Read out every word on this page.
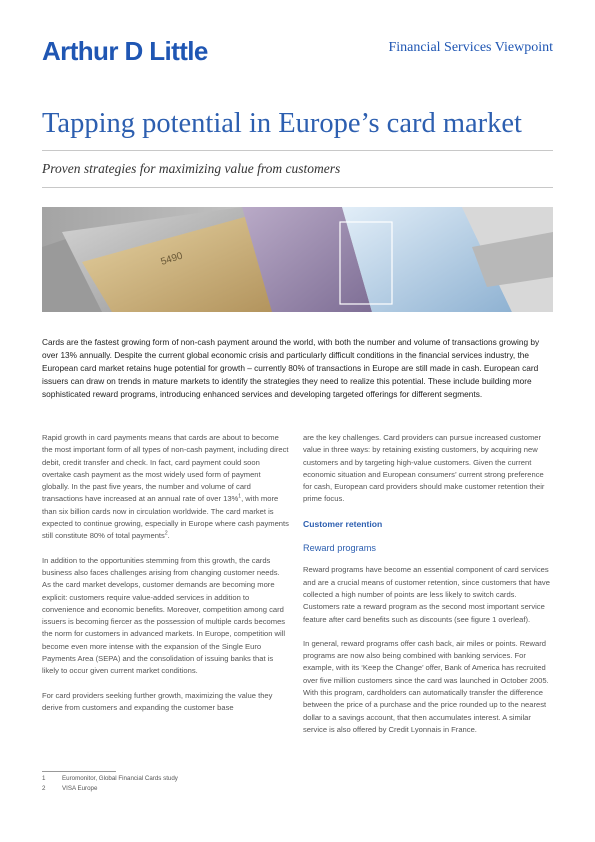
Arthur D Little	Financial Services Viewpoint
Tapping potential in Europe’s card market
Proven strategies for maximizing value from customers
5490

Cards are the fastest growing form of non-cash payment around the world, with both the number and volume of transactions growing by over 13% annually. Despite the current global economic crisis and particularly difficult conditions in the financial services industry, the European card market retains huge potential for growth – currently 80% of transactions in Europe are still made in cash. European card issuers can draw on trends in mature markets to identify the strategies they need to realize this potential. These include building more sophisticated reward programs, introducing enhanced services and developing targeted offerings for different segments.

Rapid growth in card payments means that cards are about to become the most important form of all types of non-cash payment, including direct debit, credit transfer and check. In fact, card payment could soon overtake cash payment as the most widely used form of payment globally. In the past five years, the number and volume of card transactions have increased at an annual rate of over 13%$^1$, with more than six billion cards now in circulation worldwide. The card market is expected to continue growing, especially in Europe where cash payments still constitute 80% of total payments$^2$.

In addition to the opportunities stemming from this growth, the cards business also faces challenges arising from changing customer needs. As the card market develops, customer demands are becoming more explicit: customers require value-added services in addition to convenience and economic benefits. Moreover, competition among card issuers is becoming fiercer as the possession of multiple cards becomes the norm for customers in advanced markets. In Europe, competition will become even more intense with the expansion of the Single Euro Payments Area (SEPA) and the consolidation of issuing banks that is likely to occur given current market conditions.

For card providers seeking further growth, maximizing the value they derive from customers and expanding the customer base

are the key challenges. Card providers can pursue increased customer value in three ways: by retaining existing customers, by acquiring new customers and by targeting high-value customers. Given the current economic situation and European consumers’ current strong preference for cash, European card providers should make customer retention their prime focus.

Customer retention
Reward programs

Reward programs have become an essential component of card services and are a crucial means of customer retention, since customers that have collected a high number of points are less likely to switch cards. Customers rate a reward program as the second most important service feature after card benefits such as discounts (see figure 1 overleaf).

In general, reward programs offer cash back, air miles or points. Reward programs are now also being combined with banking services. For example, with its ‘Keep the Change’ offer, Bank of America has recruited over five million customers since the card was launched in October 2005. With this program, cardholders can automatically transfer the difference between the price of a purchase and the price rounded up to the nearest dollar to a savings account, that then accumulates interest. A similar service is also offered by Credit Lyonnais in France.

1	Euromonitor, Global Financial Cards study
2	VISA Europe
